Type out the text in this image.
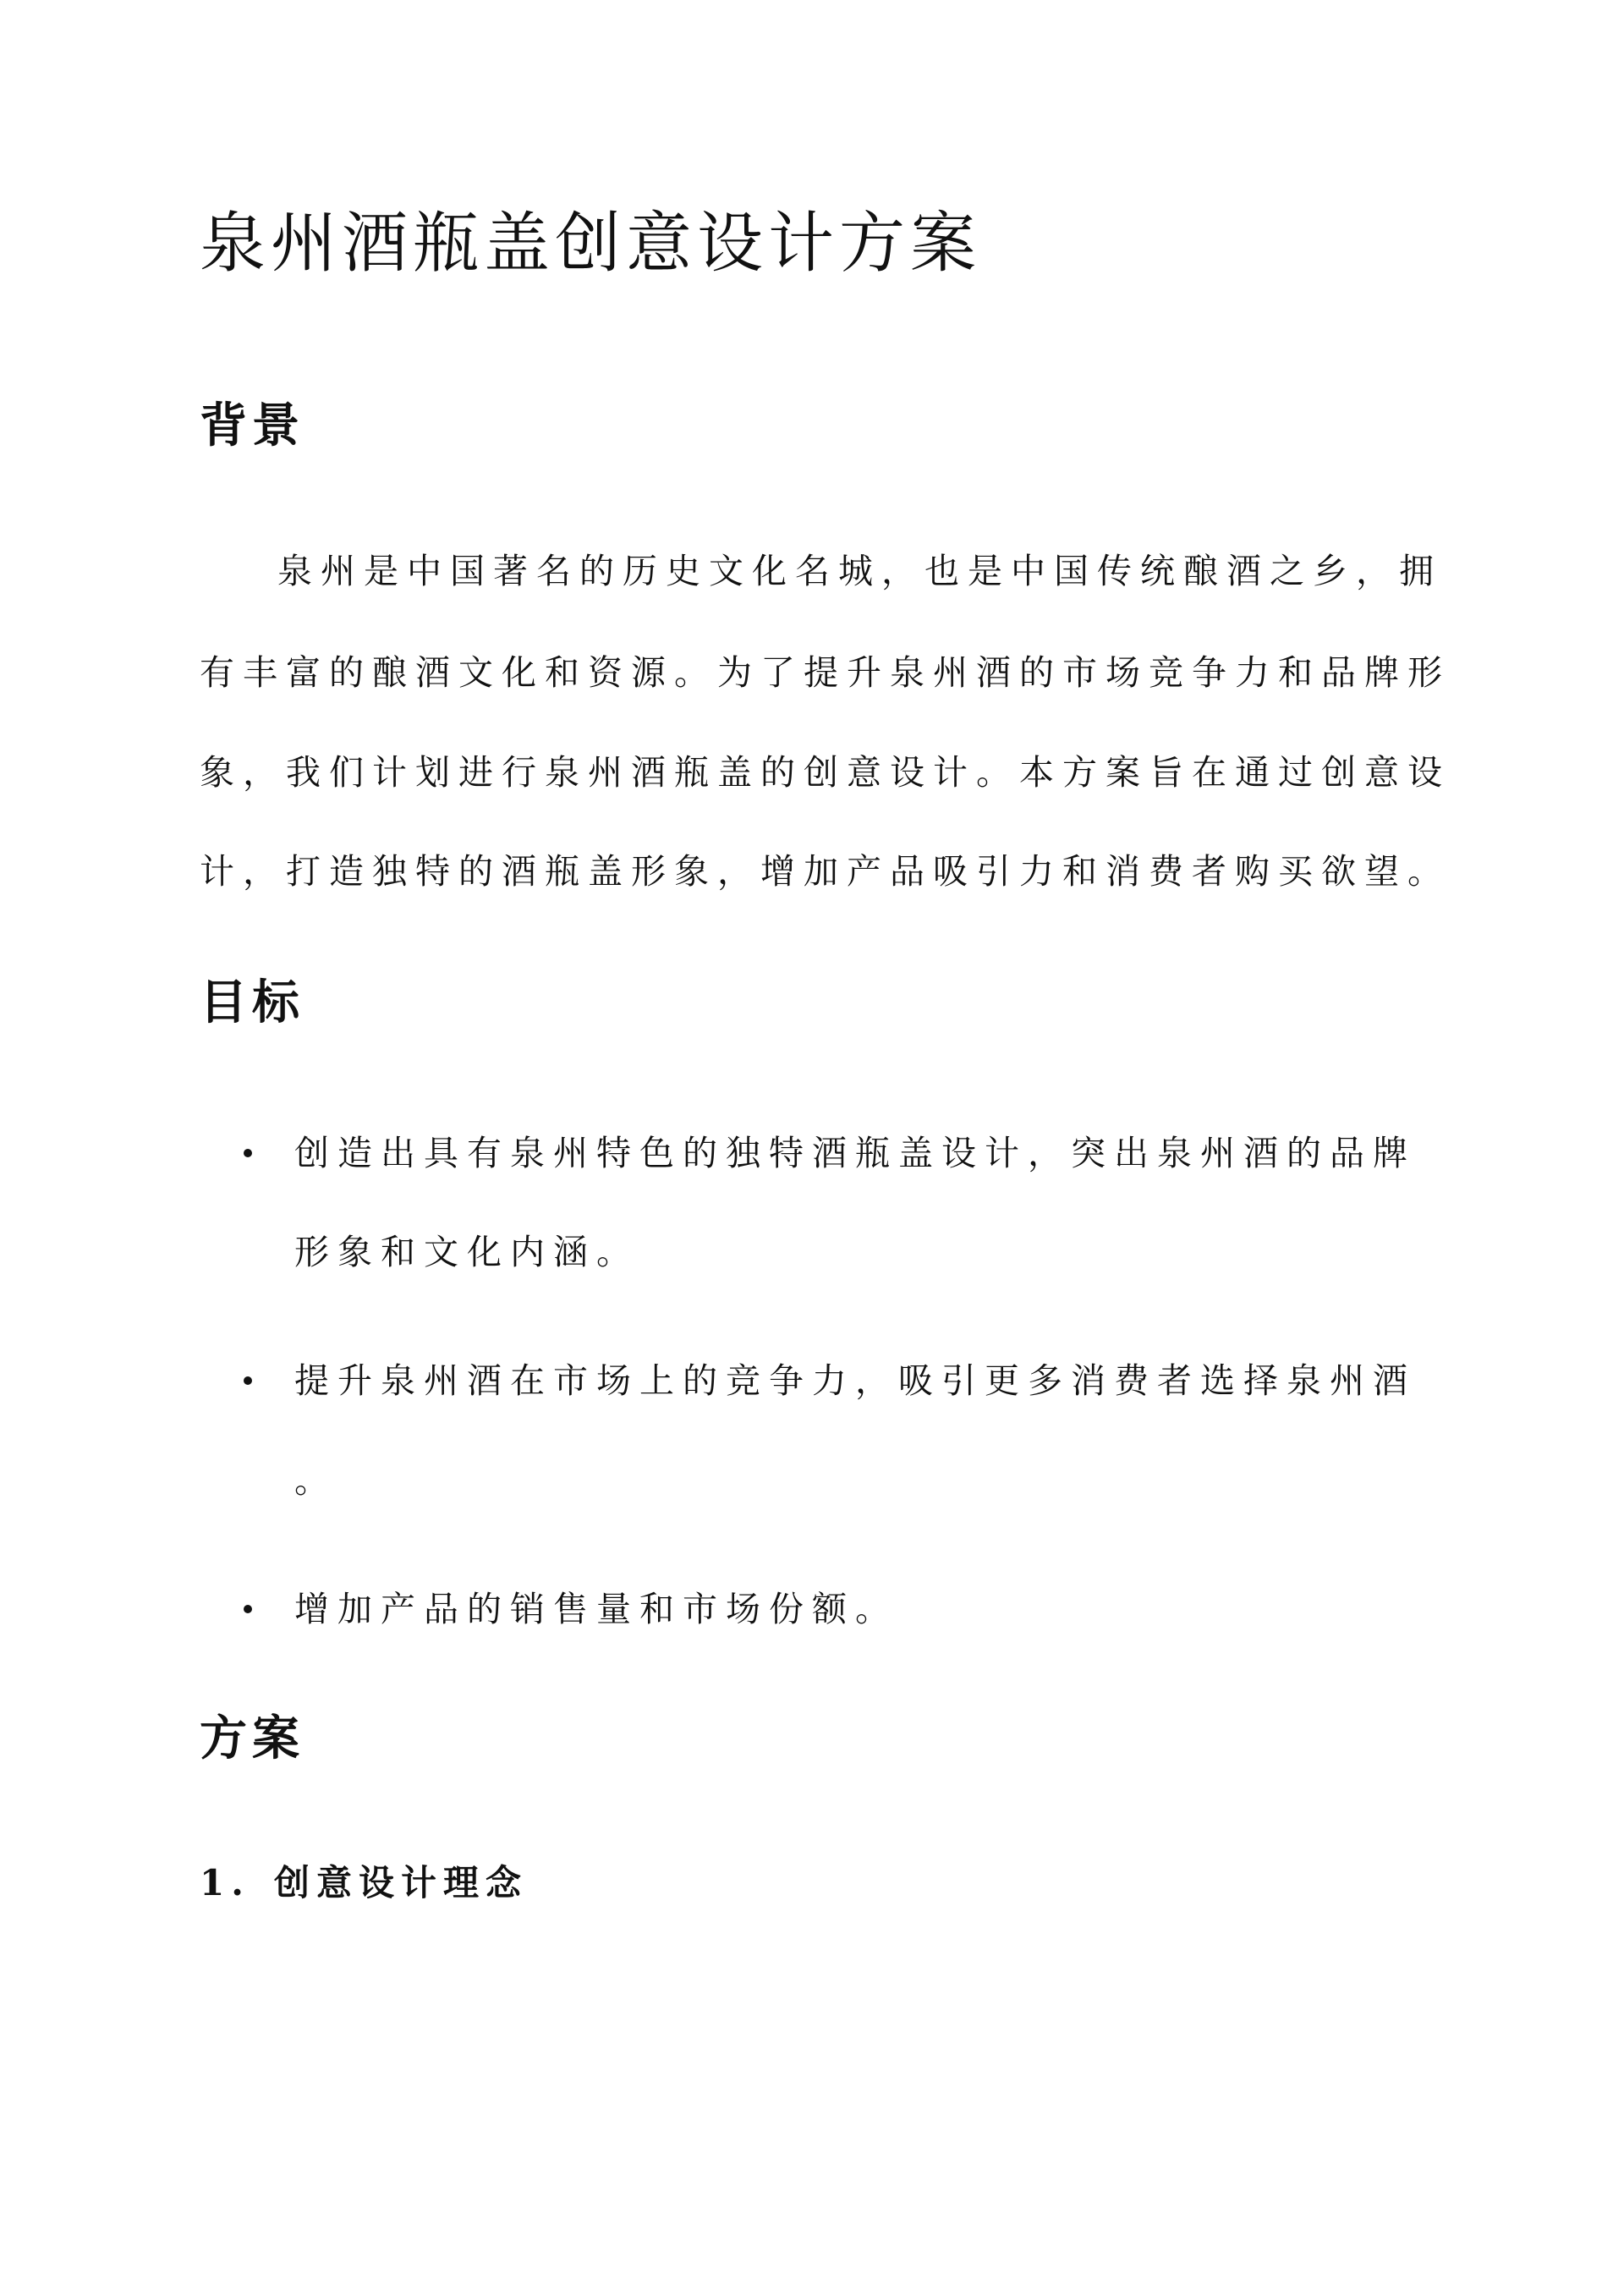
泉州酒瓶盖创意设计方案
背景
泉州是中国著名的历史文化名城，也是中国传统酿酒之乡，拥
有丰富的酿酒文化和资源。为了提升泉州酒的市场竞争力和品牌形
象，我们计划进行泉州酒瓶盖的创意设计。本方案旨在通过创意设
计，打造独特的酒瓶盖形象，增加产品吸引力和消费者购买欲望。
目标
创造出具有泉州特色的独特酒瓶盖设计，突出泉州酒的品牌
形象和文化内涵。
提升泉州酒在市场上的竞争力，吸引更多消费者选择泉州酒
。
增加产品的销售量和市场份额。
方案
1. 创意设计理念
